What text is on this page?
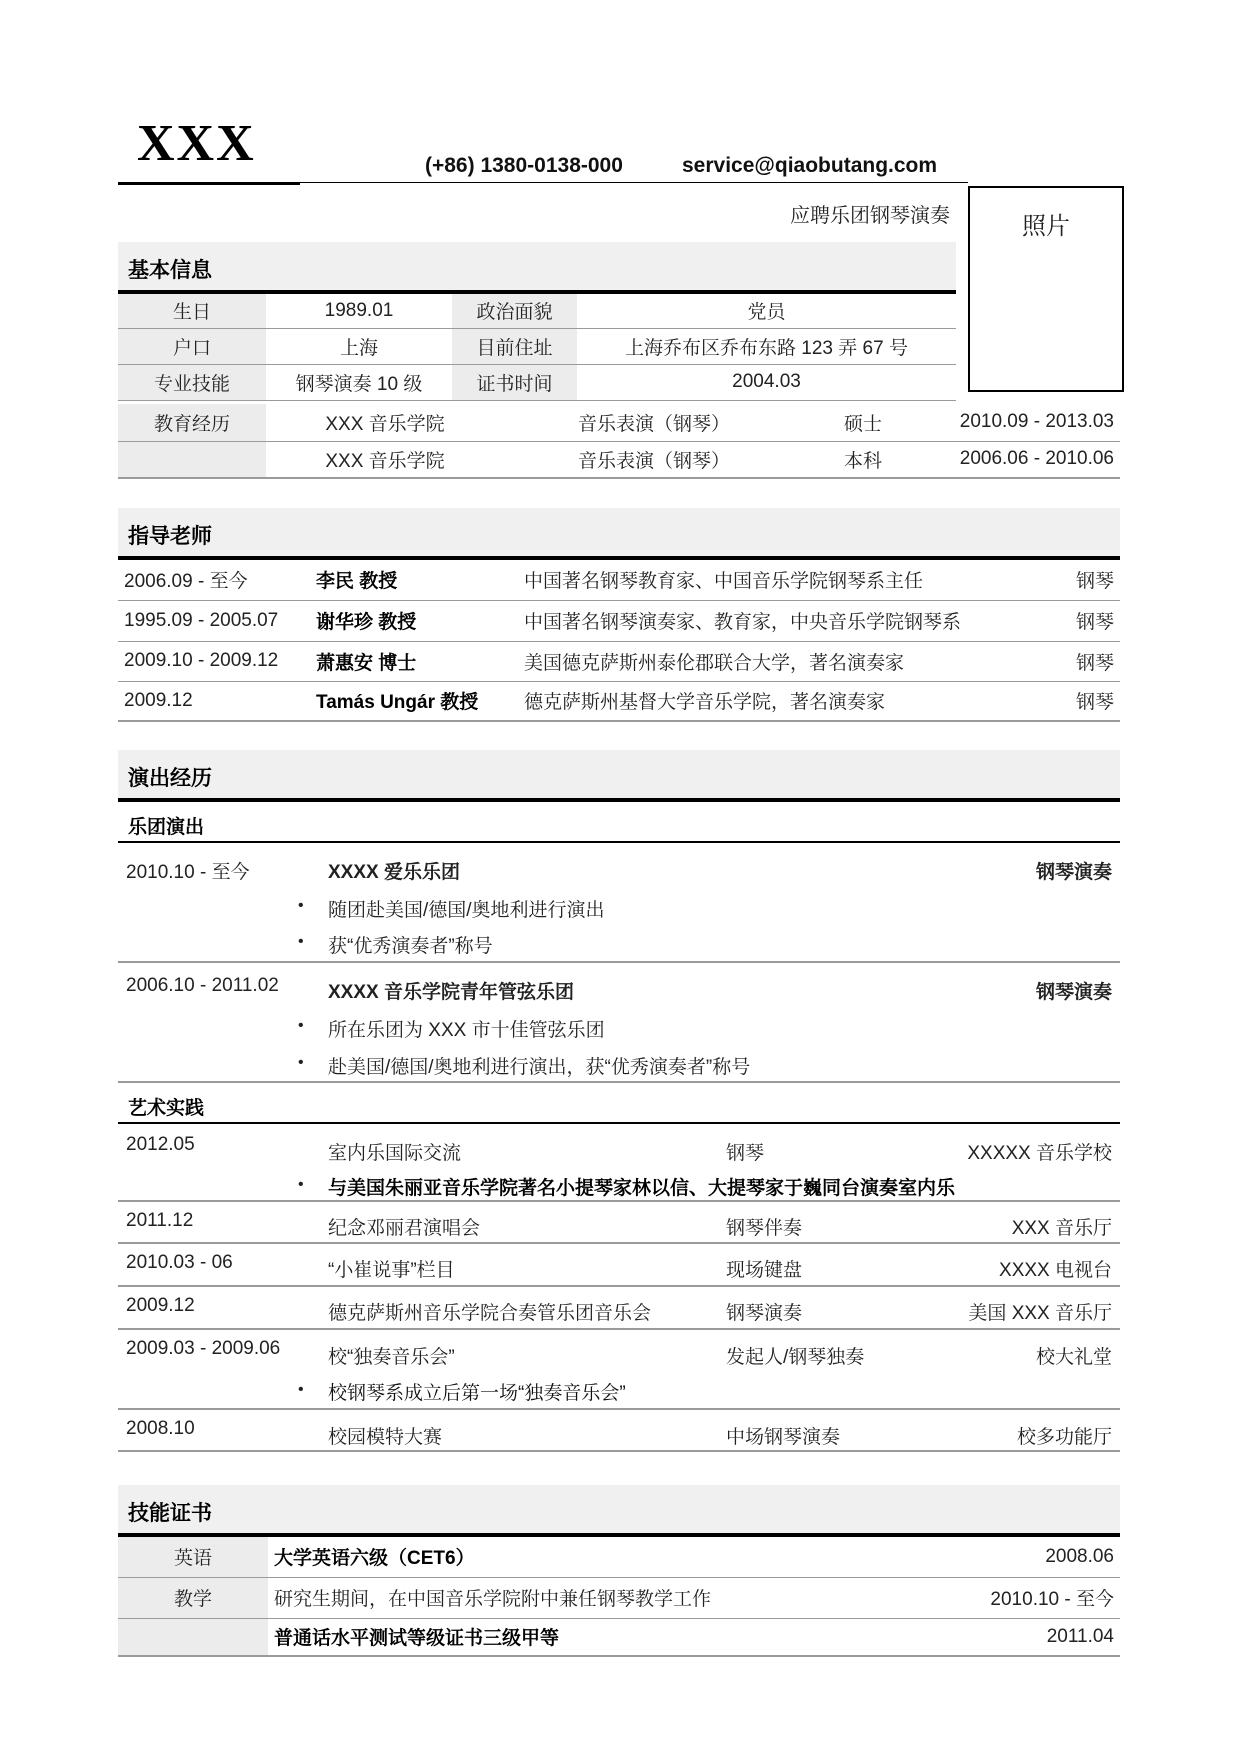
XXX	(+86) 1380-0138-000	service@qiaobutang.com
应聘乐团钢琴演奏	照片
基本信息
生日	1989.01	政治面貌	党员
户口	上海	目前住址	上海乔布区乔布东路 123 弄 67 号
专业技能	钢琴演奏 10 级	证书时间	2004.03
教育经历	XXX 音乐学院	音乐表演（钢琴）	硕士	2010.09 - 2013.03
	XXX 音乐学院	音乐表演（钢琴）	本科	2006.06 - 2010.06
指导老师
2006.09 - 至今	李民 教授	中国著名钢琴教育家、中国音乐学院钢琴系主任	钢琴
1995.09 - 2005.07	谢华珍 教授	中国著名钢琴演奏家、教育家，中央音乐学院钢琴系	钢琴
2009.10 - 2009.12	萧惠安 博士	美国德克萨斯州泰伦郡联合大学，著名演奏家	钢琴
2009.12	Tamás Ungár 教授	德克萨斯州基督大学音乐学院，著名演奏家	钢琴
演出经历
乐团演出
2010.10 - 至今	XXXX 爱乐乐团	钢琴演奏
• 随团赴美国/德国/奥地利进行演出
• 获“优秀演奏者”称号
2006.10 - 2011.02	XXXX 音乐学院青年管弦乐团	钢琴演奏
• 所在乐团为 XXX 市十佳管弦乐团
• 赴美国/德国/奥地利进行演出，获“优秀演奏者”称号
艺术实践
2012.05	室内乐国际交流	钢琴	XXXXX 音乐学校
• 与美国朱丽亚音乐学院著名小提琴家林以信、大提琴家于巍同台演奏室内乐
2011.12	纪念邓丽君演唱会	钢琴伴奏	XXX 音乐厅
2010.03 - 06	“小崔说事”栏目	现场键盘	XXXX 电视台
2009.12	德克萨斯州音乐学院合奏管乐团音乐会	钢琴演奏	美国 XXX 音乐厅
2009.03 - 2009.06	校“独奏音乐会”	发起人/钢琴独奏	校大礼堂
• 校钢琴系成立后第一场“独奏音乐会”
2008.10	校园模特大赛	中场钢琴演奏	校多功能厅
技能证书
英语	大学英语六级（CET6）	2008.06
教学	研究生期间，在中国音乐学院附中兼任钢琴教学工作	2010.10 - 至今
	普通话水平测试等级证书三级甲等	2011.04
